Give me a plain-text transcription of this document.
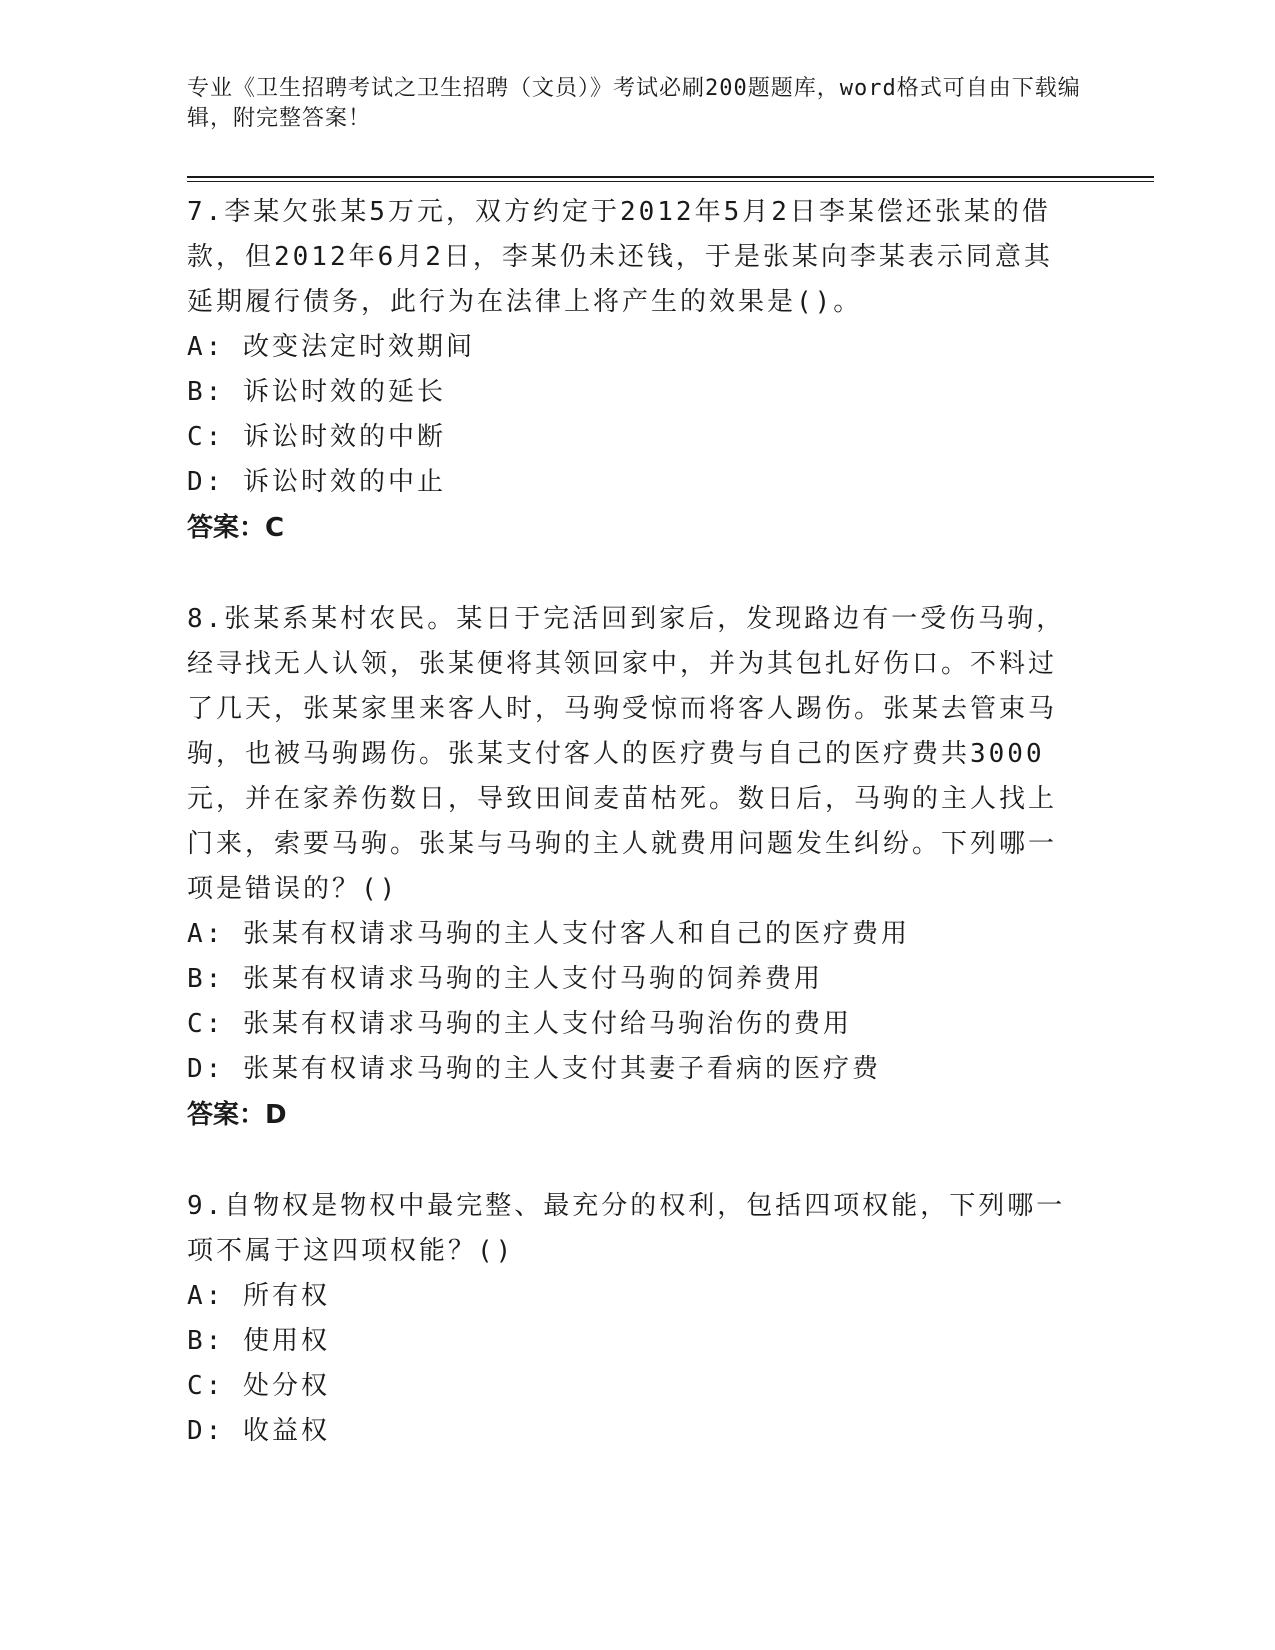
专业《卫生招聘考试之卫生招聘（文员）》考试必刷200题题库，word格式可自由下载编辑，附完整答案！

7.李某欠张某5万元，双方约定于2012年5月2日李某偿还张某的借款，但2012年6月2日，李某仍未还钱，于是张某向李某表示同意其延期履行债务，此行为在法律上将产生的效果是()。

A: 改变法定时效期间
B: 诉讼时效的延长
C: 诉讼时效的中断
D: 诉讼时效的中止
答案：C

8.张某系某村农民。某日于完活回到家后，发现路边有一受伤马驹，经寻找无人认领，张某便将其领回家中，并为其包扎好伤口。不料过了几天，张某家里来客人时，马驹受惊而将客人踢伤。张某去管束马驹，也被马驹踢伤。张某支付客人的医疗费与自己的医疗费共3000元，并在家养伤数日，导致田间麦苗枯死。数日后，马驹的主人找上门来，索要马驹。张某与马驹的主人就费用问题发生纠纷。下列哪一项是错误的？()

A: 张某有权请求马驹的主人支付客人和自己的医疗费用
B: 张某有权请求马驹的主人支付马驹的饲养费用
C: 张某有权请求马驹的主人支付给马驹治伤的费用
D: 张某有权请求马驹的主人支付其妻子看病的医疗费
答案：D

9.自物权是物权中最完整、最充分的权利，包括四项权能，下列哪一项不属于这四项权能？()

A: 所有权
B: 使用权
C: 处分权
D: 收益权
